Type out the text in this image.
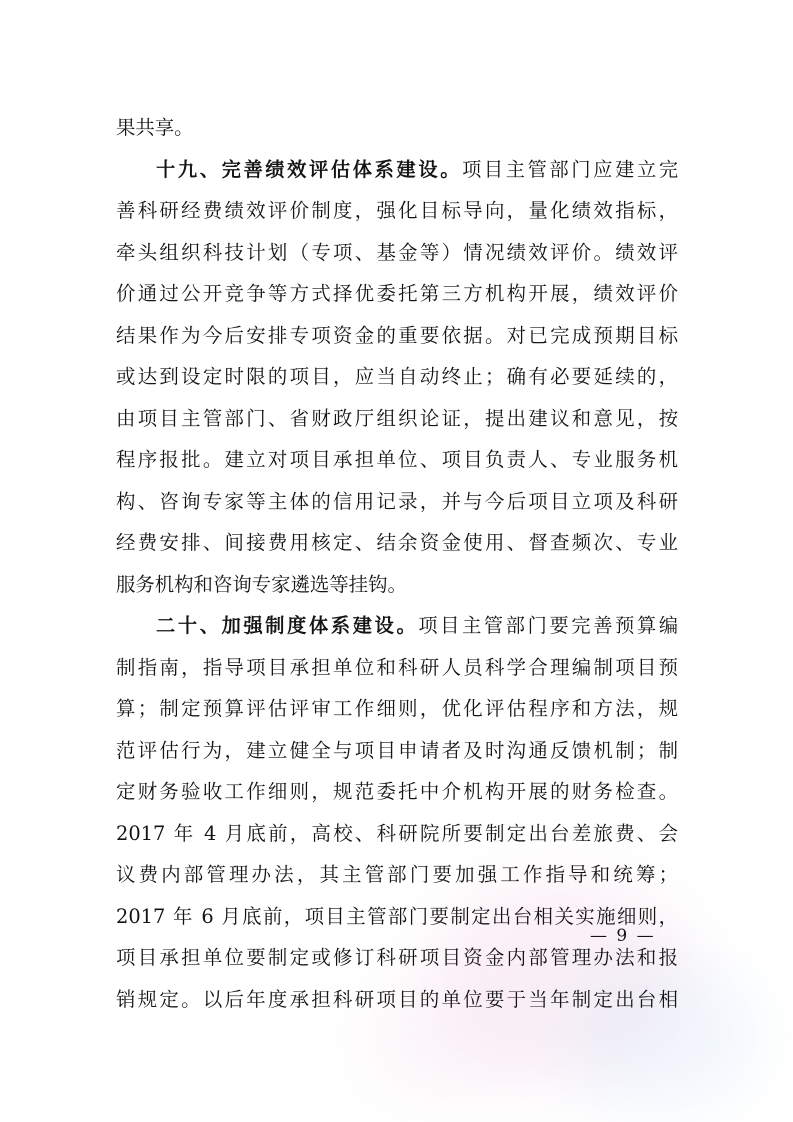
果共享。
十九、完善绩效评估体系建设。项目主管部门应建立完
善科研经费绩效评价制度，强化目标导向，量化绩效指标，
牵头组织科技计划（专项、基金等）情况绩效评价。绩效评
价通过公开竞争等方式择优委托第三方机构开展，绩效评价
结果作为今后安排专项资金的重要依据。对已完成预期目标
或达到设定时限的项目，应当自动终止；确有必要延续的，
由项目主管部门、省财政厅组织论证，提出建议和意见，按
程序报批。建立对项目承担单位、项目负责人、专业服务机
构、咨询专家等主体的信用记录，并与今后项目立项及科研
经费安排、间接费用核定、结余资金使用、督查频次、专业
服务机构和咨询专家遴选等挂钩。
二十、加强制度体系建设。项目主管部门要完善预算编
制指南，指导项目承担单位和科研人员科学合理编制项目预
算；制定预算评估评审工作细则，优化评估程序和方法，规
范评估行为，建立健全与项目申请者及时沟通反馈机制；制
定财务验收工作细则，规范委托中介机构开展的财务检查。
2017 年 4 月底前，高校、科研院所要制定出台差旅费、会
议费内部管理办法，其主管部门要加强工作指导和统筹；
2017 年 6 月底前，项目主管部门要制定出台相关实施细则，
项目承担单位要制定或修订科研项目资金内部管理办法和报
销规定。以后年度承担科研项目的单位要于当年制定出台相
— 9 —
